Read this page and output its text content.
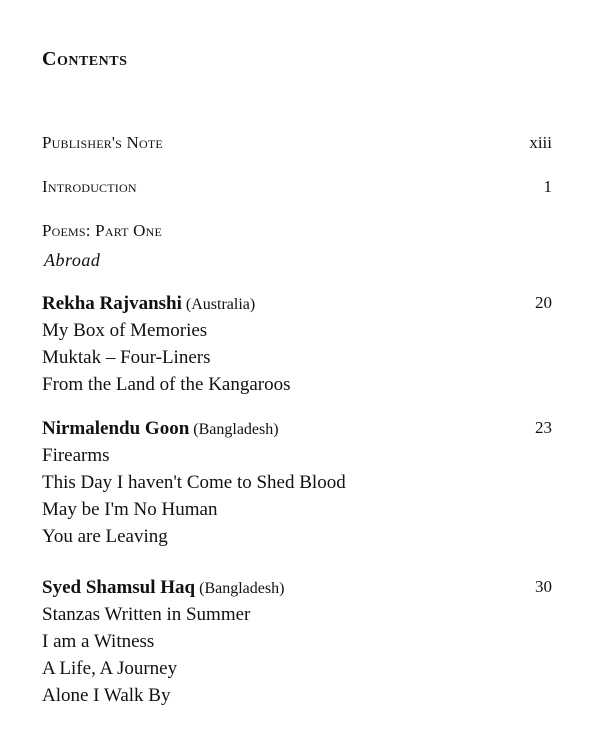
Contents
Publisher's Note	xiii
Introduction	1
Poems: Part One
Abroad
Rekha Rajvanshi (Australia)	20
My Box of Memories
Muktak – Four-Liners
From the Land of the Kangaroos
Nirmalendu Goon (Bangladesh)	23
Firearms
This Day I haven't Come to Shed Blood
May be I'm No Human
You are Leaving
Syed Shamsul Haq (Bangladesh)	30
Stanzas Written in Summer
I am a Witness
A Life, A Journey
Alone I Walk By
